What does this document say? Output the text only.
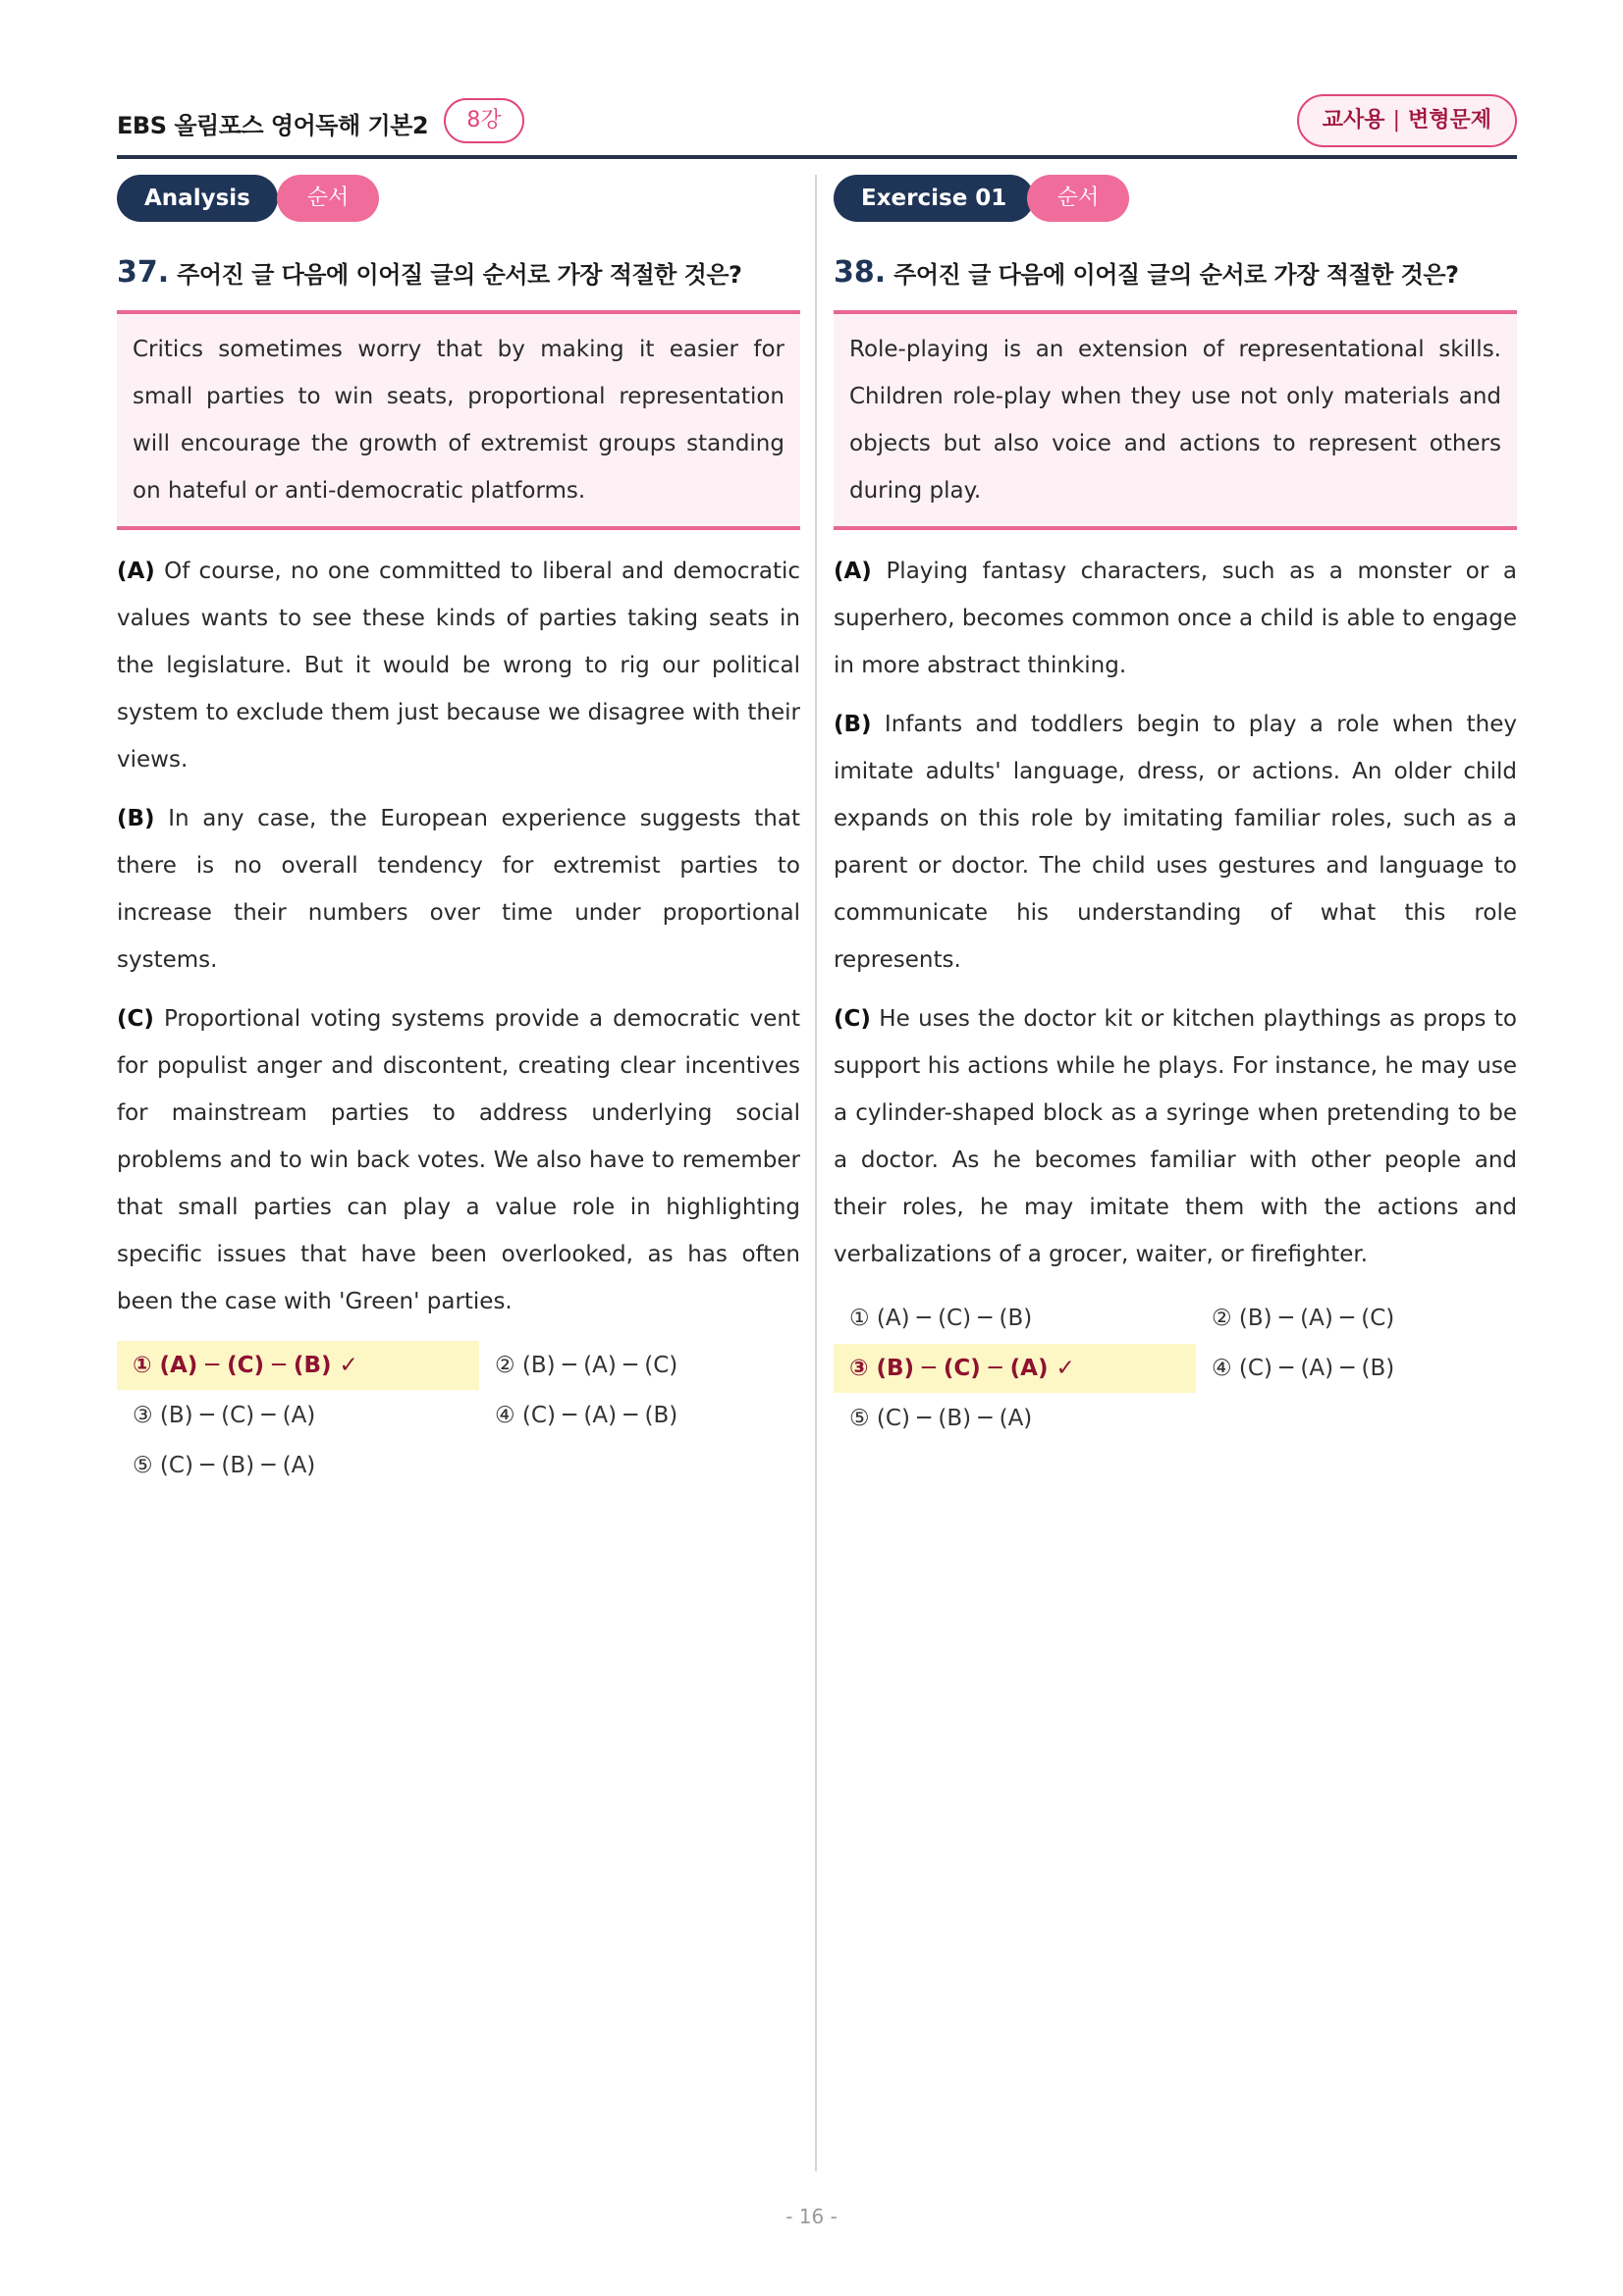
EBS 올림포스 영어독해 기본2	8강	교사용 | 변형문제
Analysis	순서
37. 주어진 글 다음에 이어질 글의 순서로 가장 적절한 것은?

Critics sometimes worry that by making it easier for small parties to win seats, proportional representation will encourage the growth of extremist groups standing on hateful or anti-democratic platforms.

(A) Of course, no one committed to liberal and democratic values wants to see these kinds of parties taking seats in the legislature. But it would be wrong to rig our political system to exclude them just because we disagree with their views.

(B) In any case, the European experience suggests that there is no overall tendency for extremist parties to increase their numbers over time under proportional systems.

(C) Proportional voting systems provide a democratic vent for populist anger and discontent, creating clear incentives for mainstream parties to address underlying social problems and to win back votes. We also have to remember that small parties can play a value role in highlighting specific issues that have been overlooked, as has often been the case with 'Green' parties.

① (A) ─ (C) ─ (B) ✓	② (B) ─ (A) ─ (C)
③ (B) ─ (C) ─ (A)	④ (C) ─ (A) ─ (B)
⑤ (C) ─ (B) ─ (A)
Exercise 01	순서
38. 주어진 글 다음에 이어질 글의 순서로 가장 적절한 것은?

Role-playing is an extension of representational skills. Children role-play when they use not only materials and objects but also voice and actions to represent others during play.

(A) Playing fantasy characters, such as a monster or a superhero, becomes common once a child is able to engage in more abstract thinking.

(B) Infants and toddlers begin to play a role when they imitate adults' language, dress, or actions. An older child expands on this role by imitating familiar roles, such as a parent or doctor. The child uses gestures and language to communicate his understanding of what this role represents.

(C) He uses the doctor kit or kitchen playthings as props to support his actions while he plays. For instance, he may use a cylinder-shaped block as a syringe when pretending to be a doctor. As he becomes familiar with other people and their roles, he may imitate them with the actions and verbalizations of a grocer, waiter, or firefighter.

① (A) ─ (C) ─ (B)	② (B) ─ (A) ─ (C)
③ (B) ─ (C) ─ (A) ✓	④ (C) ─ (A) ─ (B)
⑤ (C) ─ (B) ─ (A)
- 16 -
